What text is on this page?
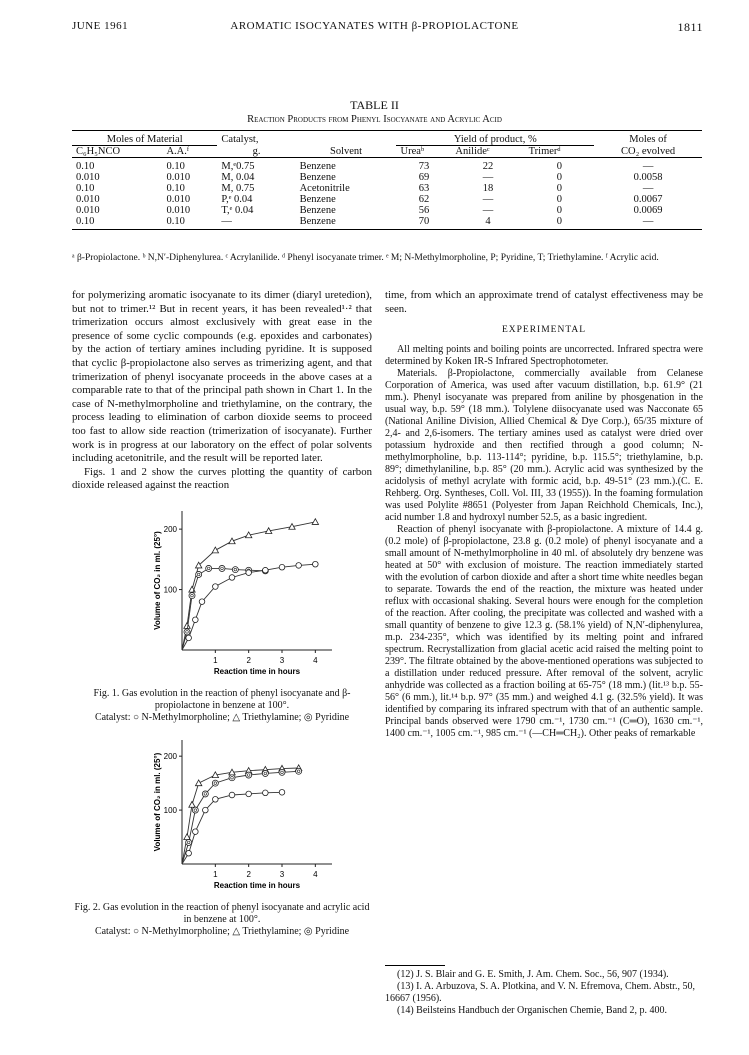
JUNE 1961	AROMATIC ISOCYANATES WITH β-PROPIOLACTONE	1811
TABLE II
Reaction Products from Phenyl Isocyanate and Acrylic Acid
Moles of Material		Catalyst,		Yield of product, %			Moles of
C₆H₅NCO	A.A.ᶠ	g.	Solvent	Ureaᵇ	Anilideᶜ	Trimerᵈ	CO₂ evolved
0.10	0.10	M,ᵉ0.75	Benzene	73	22	0	—
0.010	0.010	M, 0.04	Benzene	69	—	0	0.0058
0.10	0.10	M, 0.75	Acetonitrile	63	18	0	—
0.010	0.010	P,ᵉ 0.04	Benzene	62	—	0	0.0067
0.010	0.010	T,ᵉ 0.04	Benzene	56	—	0	0.0069
0.10	0.10	—	Benzene	70	4	0	—
ᵃ β-Propiolactone. ᵇ N,N′-Diphenylurea. ᶜ Acrylanilide. ᵈ Phenyl isocyanate trimer. ᵉ M; N-Methylmorpholine, P; Pyridine, T; Triethylamine. ᶠ Acrylic acid.

for polymerizing aromatic isocyanate to its dimer (diaryl uretedion), but not to trimer.¹² But in recent years, it has been revealed¹·² that trimerization occurs almost exclusively with great ease in the presence of some cyclic compounds (e.g. epoxides and carbonates) by the action of tertiary amines including pyridine. It is supposed that cyclic β-propiolactone also serves as trimerizing agent, and that trimerization of phenyl isocyanate proceeds in the above cases at a comparable rate to that of the principal path shown in Chart 1. In the case of N-methylmorpholine and triethylamine, on the contrary, the process leading to elimination of carbon dioxide seems to proceed too fast to allow side reaction (trimerization of isocyanate). Further work is in progress at our laboratory on the effect of polar solvents including acetonitrile, and the result will be reported later.

Figs. 1 and 2 show the curves plotting the quantity of carbon dioxide released against the reaction

100
200
1	2	3	4
Reaction time in hours
Volume of CO₂ in ml. (25°)

Fig. 1. Gas evolution in the reaction of phenyl isocyanate and β-propiolactone in benzene at 100°.

Catalyst: ○ N-Methylmorpholine; △ Triethylamine; ◎ Pyridine

100
200
1	2	3	4
Reaction time in hours
Volume of CO₂ in ml. (25°)

Fig. 2. Gas evolution in the reaction of phenyl isocyanate and acrylic acid in benzene at 100°.

Catalyst: ○ N-Methylmorpholine; △ Triethylamine; ◎ Pyridine

time, from which an approximate trend of catalyst effectiveness may be seen.

EXPERIMENTAL

All melting points and boiling points are uncorrected. Infrared spectra were determined by Koken IR-S Infrared Spectrophotometer.

Materials. β-Propiolactone, commercially available from Celanese Corporation of America, was used after vacuum distillation, b.p. 61.9° (21 mm.). Phenyl isocyanate was prepared from aniline by phosgenation in the usual way, b.p. 59° (18 mm.). Tolylene diisocyanate used was Nacconate 65 (National Aniline Division, Allied Chemical & Dye Corp.), 65/35 mixture of 2,4- and 2,6-isomers. The tertiary amines used as catalyst were dried over potassium hydroxide and then rectified through a good column; N-methylmorpholine, b.p. 113-114°; pyridine, b.p. 115.5°; triethylamine, b.p. 89°; dimethylaniline, b.p. 85° (20 mm.). Acrylic acid was synthesized by the acidolysis of methyl acrylate with formic acid, b.p. 49-51° (23 mm.).(C. E. Rehberg. Org. Syntheses, Coll. Vol. III, 33 (1955)). In the foaming formulation was used Polylite #8651 (Polyester from Japan Reichhold Chemicals, Inc.), acid number 1.8 and hydroxyl number 52.5, as a basic ingredient.

Reaction of phenyl isocyanate with β-propiolactone. A mixture of 14.4 g. (0.2 mole) of β-propiolactone, 23.8 g. (0.2 mole) of phenyl isocyanate and a small amount of N-methylmorpholine in 40 ml. of absolutely dry benzene was heated at 50° with exclusion of moisture. The reaction immediately started with the evolution of carbon dioxide and after a short time white needles began to separate. Towards the end of the reaction, the mixture was heated under reflux with occasional shaking. Several hours were enough for the completion of the reaction. After cooling, the precipitate was collected and washed with a small quantity of benzene to give 12.3 g. (58.1% yield) of N,N′-diphenylurea, m.p. 234-235°, which was identified by its melting point and infrared spectrum. Recrystallization from glacial acetic acid raised the melting point to 239°. The filtrate obtained by the above-mentioned operations was subjected to a distillation under reduced pressure. After removal of the solvent, acrylic anhydride was collected as a fraction boiling at 65-75° (18 mm.) (lit.¹³ b.p. 55-56° (6 mm.), lit.¹⁴ b.p. 97° (35 mm.) and weighed 4.1 g. (32.5% yield). It was identified by comparing its infrared spectrum with that of an authentic sample. Principal bands observed were 1790 cm.⁻¹, 1730 cm.⁻¹ (C═O), 1630 cm.⁻¹, 1400 cm.⁻¹, 1005 cm.⁻¹, 985 cm.⁻¹ (—CH═CH₂). Other peaks of remarkable

(12) J. S. Blair and G. E. Smith, J. Am. Chem. Soc., 56, 907 (1934).

(13) I. A. Arbuzova, S. A. Plotkina, and V. N. Efremova, Chem. Abstr., 50, 16667 (1956).

(14) Beilsteins Handbuch der Organischen Chemie, Band 2, p. 400.
